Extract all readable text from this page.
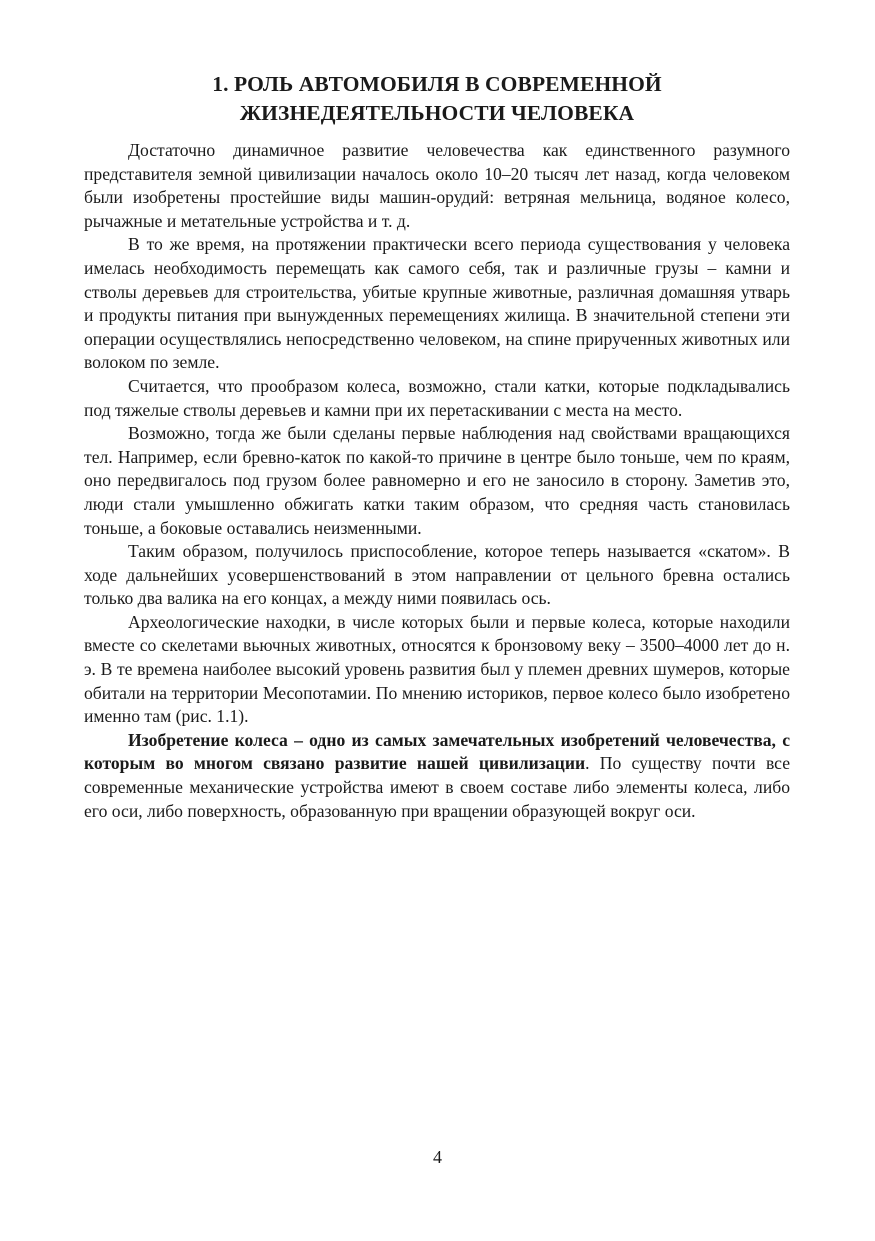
1. РОЛЬ АВТОМОБИЛЯ В СОВРЕМЕННОЙ
ЖИЗНЕДЕЯТЕЛЬНОСТИ ЧЕЛОВЕКА

Достаточно динамичное развитие человечества как единственного разумного представителя земной цивилизации началось около 10–20 тысяч лет назад, когда человеком были изобретены простейшие виды машин-орудий: ветряная мельница, водяное колесо, рычажные и метательные устройства и т. д.

В то же время, на протяжении практически всего периода существования у человека имелась необходимость перемещать как самого себя, так и различные грузы – камни и стволы деревьев для строительства, убитые крупные животные, различная домашняя утварь и продукты питания при вынужденных перемещениях жилища. В значительной степени эти операции осуществлялись непосредственно человеком, на спине прирученных животных или волоком по земле.

Считается, что прообразом колеса, возможно, стали катки, которые подкладывались под тяжелые стволы деревьев и камни при их перетаскивании с места на место.

Возможно, тогда же были сделаны первые наблюдения над свойствами вращающихся тел. Например, если бревно-каток по какой-то причине в центре было тоньше, чем по краям, оно передвигалось под грузом более равномерно и его не заносило в сторону. Заметив это, люди стали умышленно обжигать катки таким образом, что средняя часть становилась тоньше, а боковые оставались неизменными.

Таким образом, получилось приспособление, которое теперь называется «скатом». В ходе дальнейших усовершенствований в этом направлении от цельного бревна остались только два валика на его концах, а между ними появилась ось.

Археологические находки, в числе которых были и первые колеса, которые находили вместе со скелетами вьючных животных, относятся к бронзовому веку – 3500–4000 лет до н. э. В те времена наиболее высокий уровень развития был у племен древних шумеров, которые обитали на территории Месопотамии. По мнению историков, первое колесо было изобретено именно там (рис. 1.1).

Изобретение колеса – одно из самых замечательных изобретений человечества, с которым во многом связано развитие нашей цивилизации. По существу почти все современные механические устройства имеют в своем составе либо элементы колеса, либо его оси, либо поверхность, образованную при вращении образующей вокруг оси.

4
